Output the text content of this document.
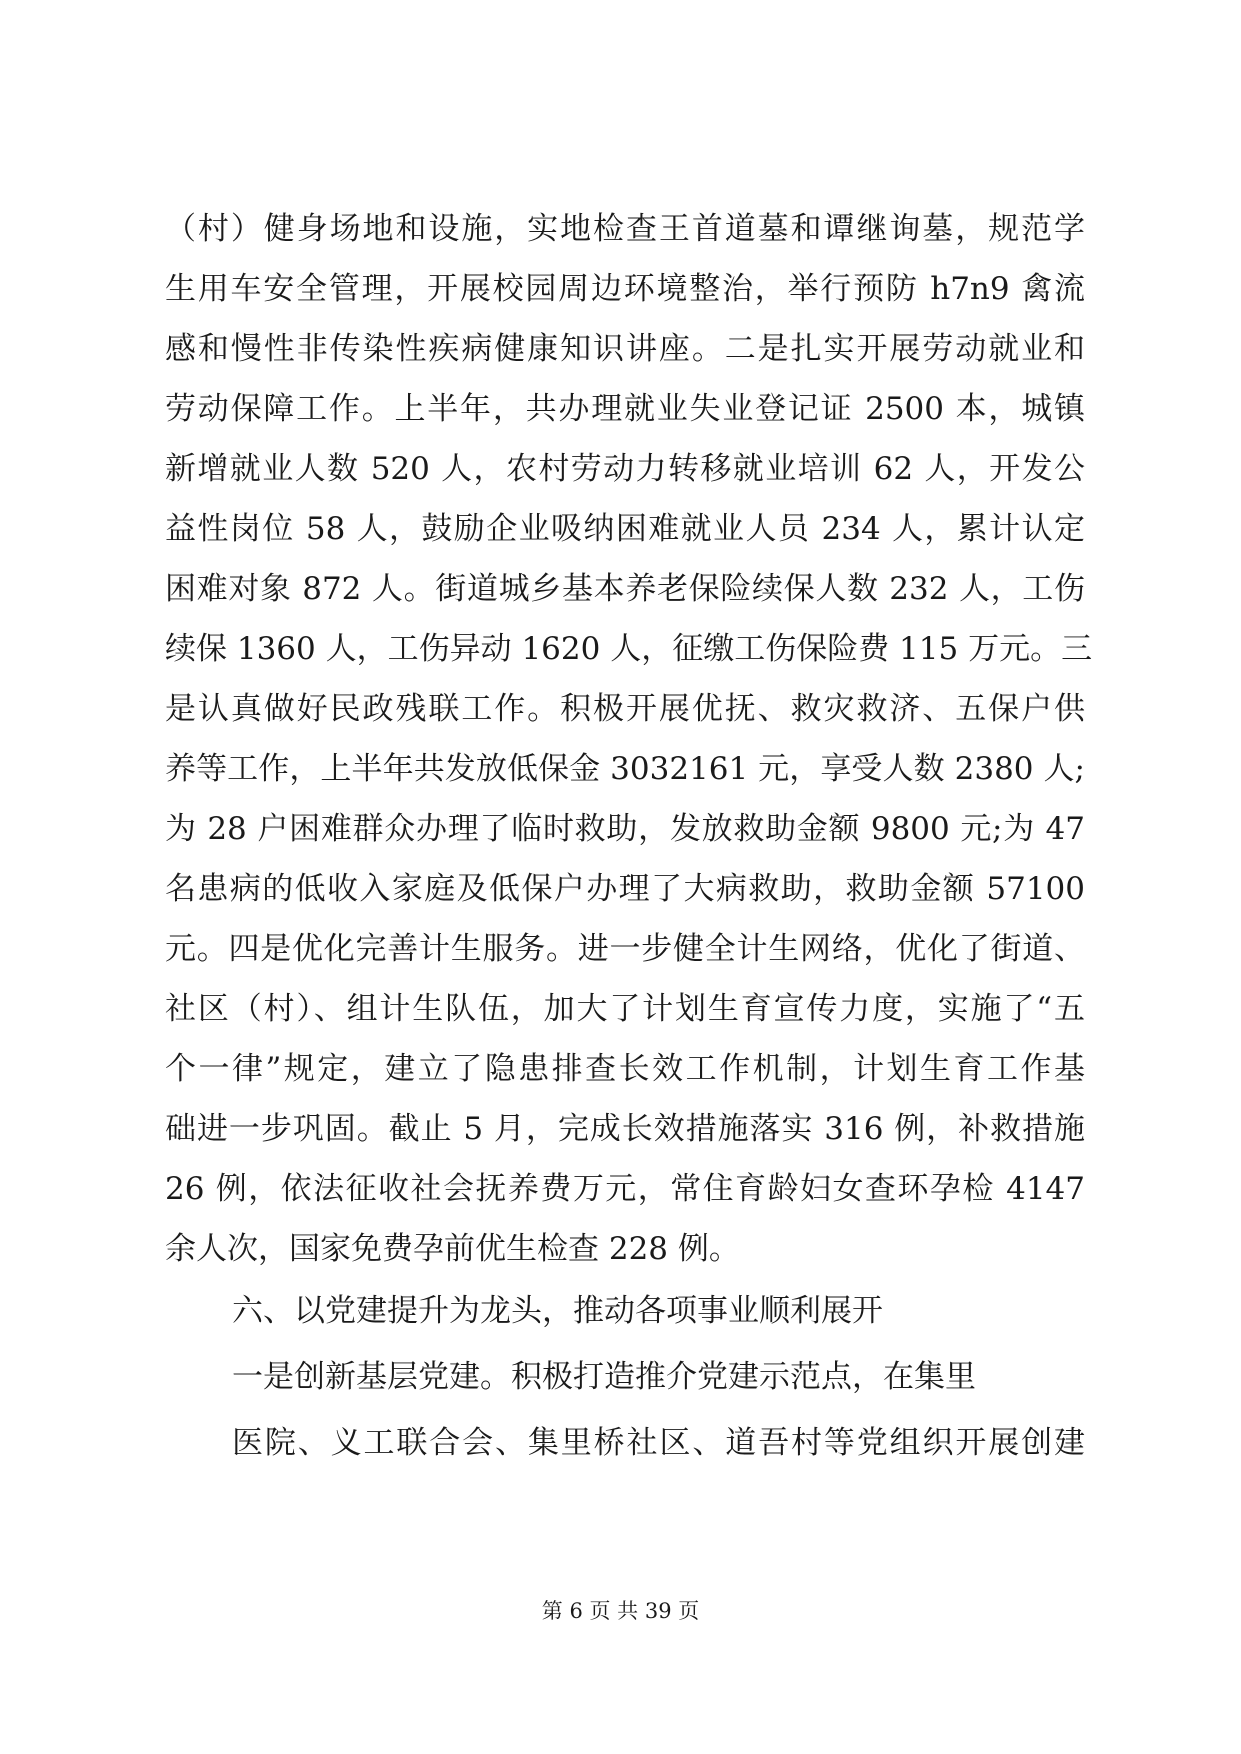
（村）健身场地和设施，实地检查王首道墓和谭继询墓，规范学
生用车安全管理，开展校园周边环境整治，举行预防 h7n9 禽流
感和慢性非传染性疾病健康知识讲座。二是扎实开展劳动就业和
劳动保障工作。上半年，共办理就业失业登记证 2500 本，城镇
新增就业人数 520 人，农村劳动力转移就业培训 62 人，开发公
益性岗位 58 人，鼓励企业吸纳困难就业人员 234 人，累计认定
困难对象 872 人。街道城乡基本养老保险续保人数 232 人，工伤
续保 1360 人，工伤异动 1620 人，征缴工伤保险费 115 万元。三
是认真做好民政残联工作。积极开展优抚、救灾救济、五保户供
养等工作，上半年共发放低保金 3032161 元，享受人数 2380 人;
为 28 户困难群众办理了临时救助，发放救助金额 9800 元;为 47
名患病的低收入家庭及低保户办理了大病救助，救助金额 57100
元。四是优化完善计生服务。进一步健全计生网络，优化了街道、
社区（村）、组计生队伍，加大了计划生育宣传力度，实施了“五
个一律”规定，建立了隐患排查长效工作机制，计划生育工作基
础进一步巩固。截止 5 月，完成长效措施落实 316 例，补救措施
26 例，依法征收社会抚养费万元，常住育龄妇女查环孕检 4147
余人次，国家免费孕前优生检查 228 例。
六、以党建提升为龙头，推动各项事业顺利展开
一是创新基层党建。积极打造推介党建示范点，在集里
医院、义工联合会、集里桥社区、道吾村等党组织开展创建
第 6 页 共 39 页
